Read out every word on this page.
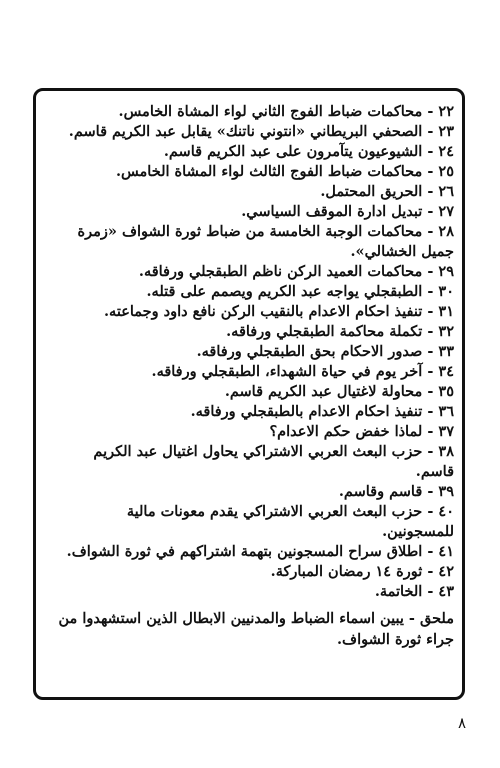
٢٢ - محاكمات ضباط الفوج الثاني لواء المشاة الخامس.
٢٣ - الصحفي البريطاني «انتوني ناتنك» يقابل عبد الكريم قاسم.
٢٤ - الشيوعيون يتآمرون على عبد الكريم قاسم.
٢٥ - محاكمات ضباط الفوج الثالث لواء المشاة الخامس.
٢٦ - الحريق المحتمل.
٢٧ - تبديل ادارة الموقف السياسي.
٢٨ - محاكمات الوجبة الخامسة من ضباط ثورة الشواف «زمرة جميل الخشالي».
٢٩ - محاكمات العميد الركن ناظم الطبقجلي ورفاقه.
٣٠ - الطبقجلي يواجه عبد الكريم ويصمم على قتله.
٣١ - تنفيذ احكام الاعدام بالنقيب الركن نافع داود وجماعته.
٣٢ - تكملة محاكمة الطبقجلي ورفاقه.
٣٣ - صدور الاحكام بحق الطبقجلي ورفاقه.
٣٤ - آخر يوم في حياة الشهداء، الطبقجلي ورفاقه.
٣٥ - محاولة لاغتيال عبد الكريم قاسم.
٣٦ - تنفيذ احكام الاعدام بالطبقجلي ورفاقه.
٣٧ - لماذا خفض حكم الاعدام؟
٣٨ - حزب البعث العربي الاشتراكي يحاول اغتيال عبد الكريم قاسم.
٣٩ - قاسم وقاسم.
٤٠ - حزب البعث العربي الاشتراكي يقدم معونات مالية للمسجونين.
٤١ - اطلاق سراح المسجونين بتهمة اشتراكهم في ثورة الشواف.
٤٢ - ثورة ١٤ رمضان المباركة.
٤٣ - الخاتمة.
ملحق - يبين اسماء الضباط والمدنيين الابطال الذين استشهدوا من جراء ثورة الشواف.
٨
